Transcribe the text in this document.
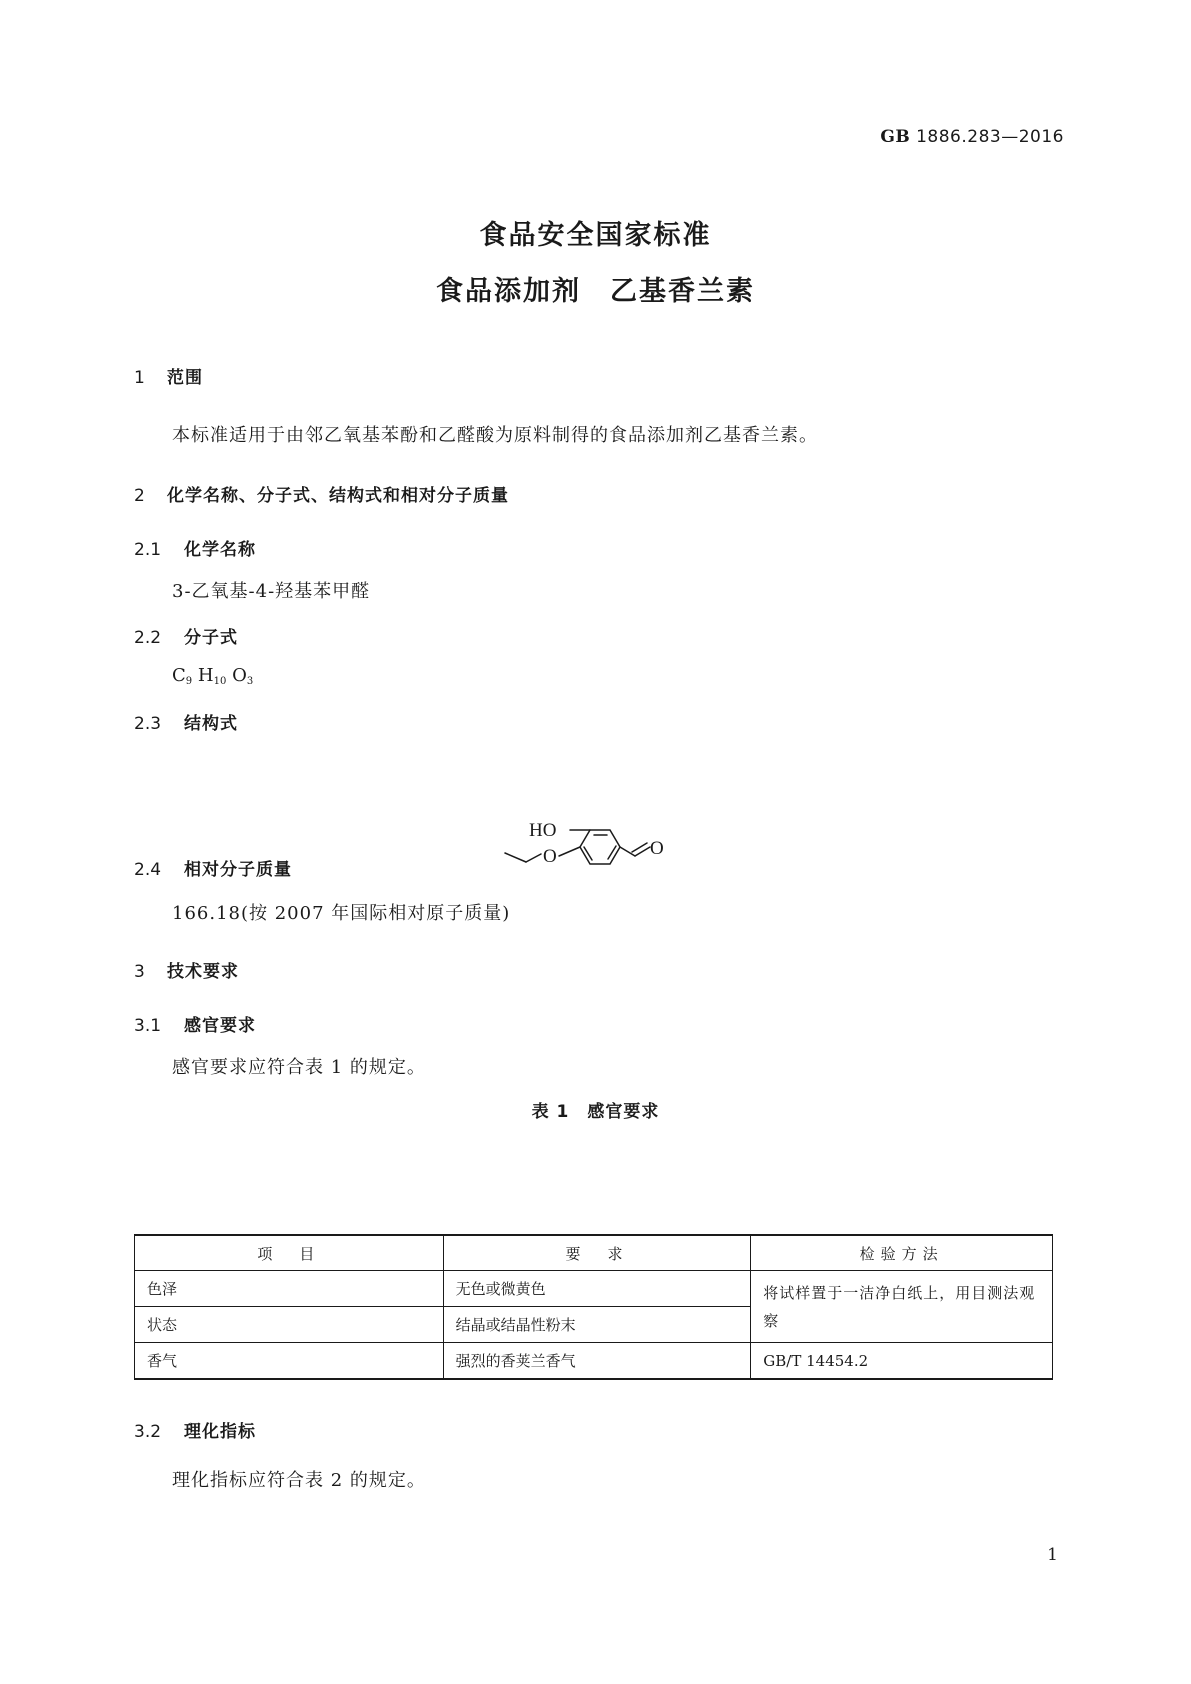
GB 1886.283—2016
食品安全国家标准
食品添加剂　乙基香兰素
1 范围
本标准适用于由邻乙氧基苯酚和乙醛酸为原料制得的食品添加剂乙基香兰素。
2 化学名称、分子式、结构式和相对分子质量
2.1 化学名称
3-乙氧基-4-羟基苯甲醛
2.2 分子式
$C_9$ $H_{10}$ $O_3$
2.3 结构式
HO
O	O
2.4 相对分子质量
166.18(按 2007 年国际相对原子质量)
3 技术要求
3.1 感官要求
感官要求应符合表 1 的规定。
表 1　感官要求
项　目	要　求	检验方法
色泽	无色或微黄色	将试样置于一洁净白纸上，用目测法观察
状态	结晶或结晶性粉末	
香气	强烈的香荚兰香气	GB/T 14454.2
3.2 理化指标
理化指标应符合表 2 的规定。
1
